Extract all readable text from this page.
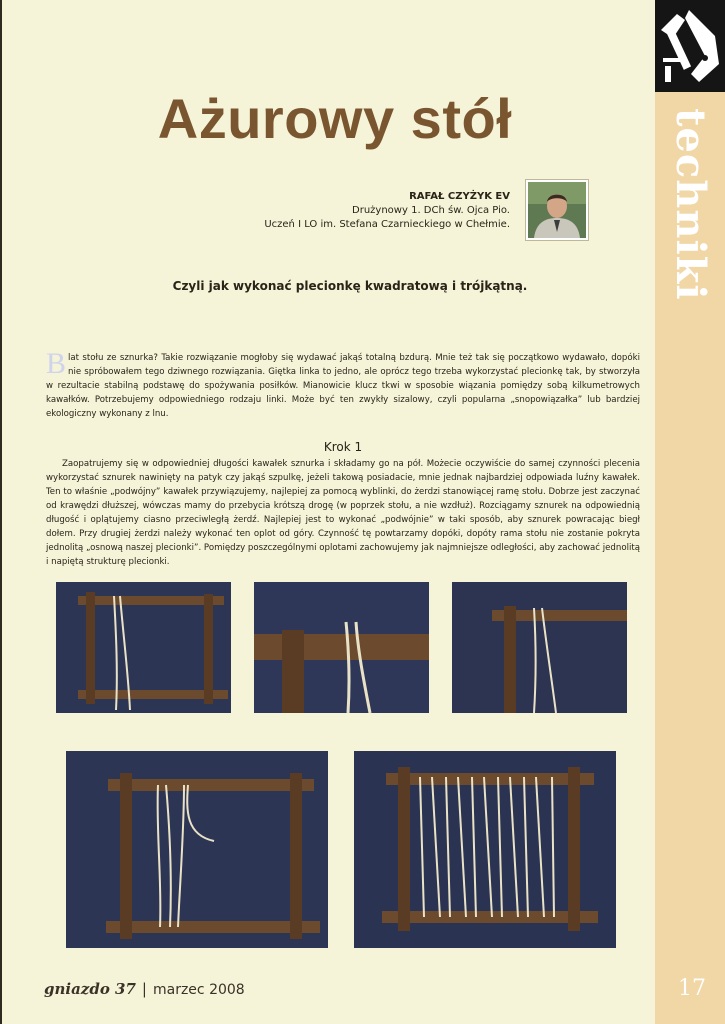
techniki
17
Ażurowy stół
RAFAŁ CZYŻYK EV
Drużynowy 1. DCh św. Ojca Pio.
Uczeń I LO im. Stefana Czarnieckiego w Chełmie.
Czyli jak wykonać plecionkę kwadratową i trójkątną.
B lat stołu ze sznurka? Takie rozwiązanie mogłoby się wydawać jakąś totalną bzdurą. Mnie też tak się początkowo wydawało, dopóki nie spróbowałem tego dziwnego rozwiązania. Giętka linka to jedno, ale oprócz tego trzeba wykorzystać plecionkę tak, by stworzyła w rezultacie stabilną podstawę do spożywania posiłków. Mianowicie klucz tkwi w sposobie wiązania pomiędzy sobą kilkumetrowych kawałków. Potrzebujemy odpowiedniego rodzaju linki. Może być ten zwykły sizalowy, czyli popularna „snopowiązałka” lub bardziej ekologiczny wykonany z lnu.
Krok 1
Zaopatrujemy się w odpowiedniej długości kawałek sznurka i składamy go na pół. Możecie oczywiście do samej czynności plecenia wykorzystać sznurek nawinięty na patyk czy jakąś szpulkę, jeżeli takową posiadacie, mnie jednak najbardziej odpowiada luźny kawałek. Ten to właśnie „podwójny” kawałek przywiązujemy, najlepiej za pomocą wyblinki, do żerdzi stanowiącej ramę stołu. Dobrze jest zaczynać od krawędzi dłuższej, wówczas mamy do przebycia krótszą drogę (w poprzek stołu, a nie wzdłuż). Rozciągamy sznurek na odpowiednią długość i oplątujemy ciasno przeciwległą żerdź. Najlepiej jest to wykonać „podwójnie” w taki sposób, aby sznurek powracając biegł dołem. Przy drugiej żerdzi należy wykonać ten oplot od góry. Czynność tę powtarzamy dopóki, dopóty rama stołu nie zostanie pokryta jednolitą „osnową naszej plecionki”. Pomiędzy poszczególnymi oplotami zachowujemy jak najmniejsze odległości, aby zachować jednolitą i napiętą strukturę plecionki.
gniazdo 37 | marzec 2008
